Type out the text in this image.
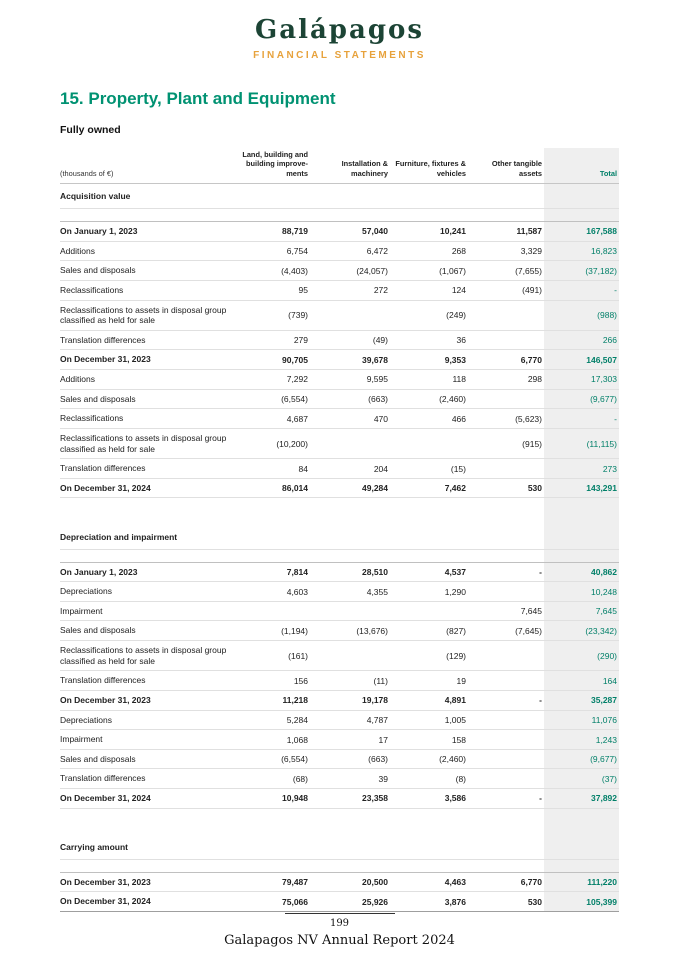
Galápagos
FINANCIAL STATEMENTS
15. Property, Plant and Equipment
Fully owned
(thousands of €)	Land, building and building improve-ments	Installation & machinery	Furniture, fixtures & vehicles	Other tangible assets	Total
Acquisition value					

On January 1, 2023	88,719	57,040	10,241	11,587	167,588
Additions	6,754	6,472	268	3,329	16,823
Sales and disposals	(4,403)	(24,057)	(1,067)	(7,655)	(37,182)
Reclassifications	95	272	124	(491)	-
Reclassifications to assets in disposal group classified as held for sale	(739)		(249)		(988)
Translation differences	279	(49)	36		266
On December 31, 2023	90,705	39,678	9,353	6,770	146,507
Additions	7,292	9,595	118	298	17,303
Sales and disposals	(6,554)	(663)	(2,460)		(9,677)
Reclassifications	4,687	470	466	(5,623)	-
Reclassifications to assets in disposal group classified as held for sale	(10,200)			(915)	(11,115)
Translation differences	84	204	(15)		273
On December 31, 2024	86,014	49,284	7,462	530	143,291

Depreciation and impairment					

On January 1, 2023	7,814	28,510	4,537	-	40,862
Depreciations	4,603	4,355	1,290		10,248
Impairment				7,645	7,645
Sales and disposals	(1,194)	(13,676)	(827)	(7,645)	(23,342)
Reclassifications to assets in disposal group classified as held for sale	(161)		(129)		(290)
Translation differences	156	(11)	19		164
On December 31, 2023	11,218	19,178	4,891	-	35,287
Depreciations	5,284	4,787	1,005		11,076
Impairment	1,068	17	158		1,243
Sales and disposals	(6,554)	(663)	(2,460)		(9,677)
Translation differences	(68)	39	(8)		(37)
On December 31, 2024	10,948	23,358	3,586	-	37,892

Carrying amount					

On December 31, 2023	79,487	20,500	4,463	6,770	111,220
On December 31, 2024	75,066	25,926	3,876	530	105,399
199
Galapagos NV Annual Report 2024
